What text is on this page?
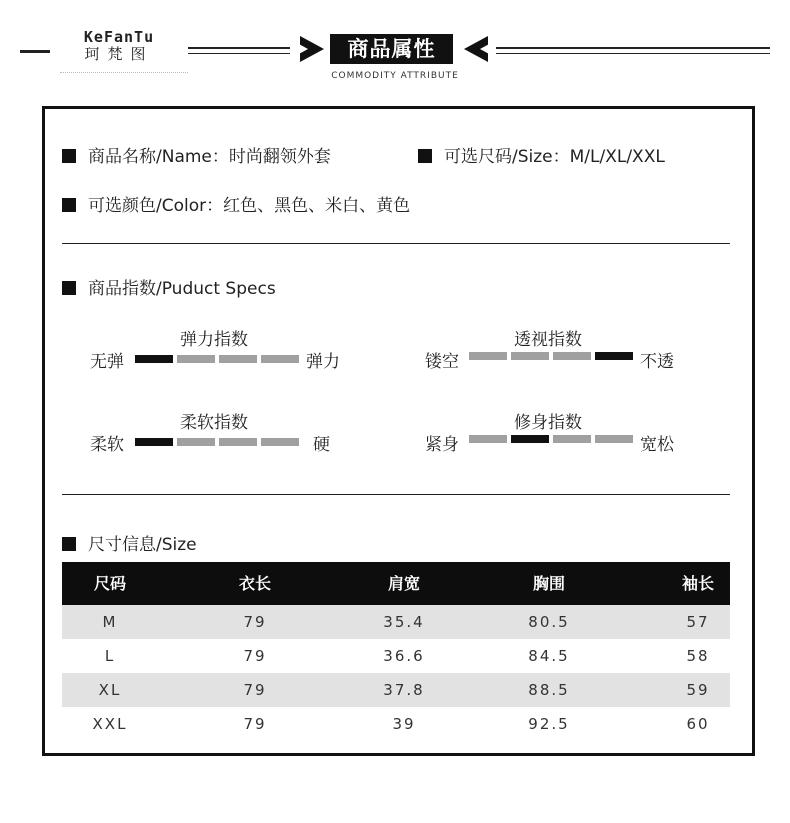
KeFanTu
珂梵图	商品属性
COMMODITY ATTRIBUTE
商品名称/Name：时尚翻领外套	可选尺码/Size：M/L/XL/XXL
可选颜色/Color：红色、黑色、米白、黄色
商品指数/Puduct Specs
弹力指数
无弹	弹力
透视指数
镂空	不透
柔软指数
柔软	硬
修身指数
紧身	宽松
尺寸信息/Size
尺码	衣长	肩宽	胸围	袖长
M	79	35.4	80.5	57
L	79	36.6	84.5	58
XL	79	37.8	88.5	59
XXL	79	39	92.5	60
